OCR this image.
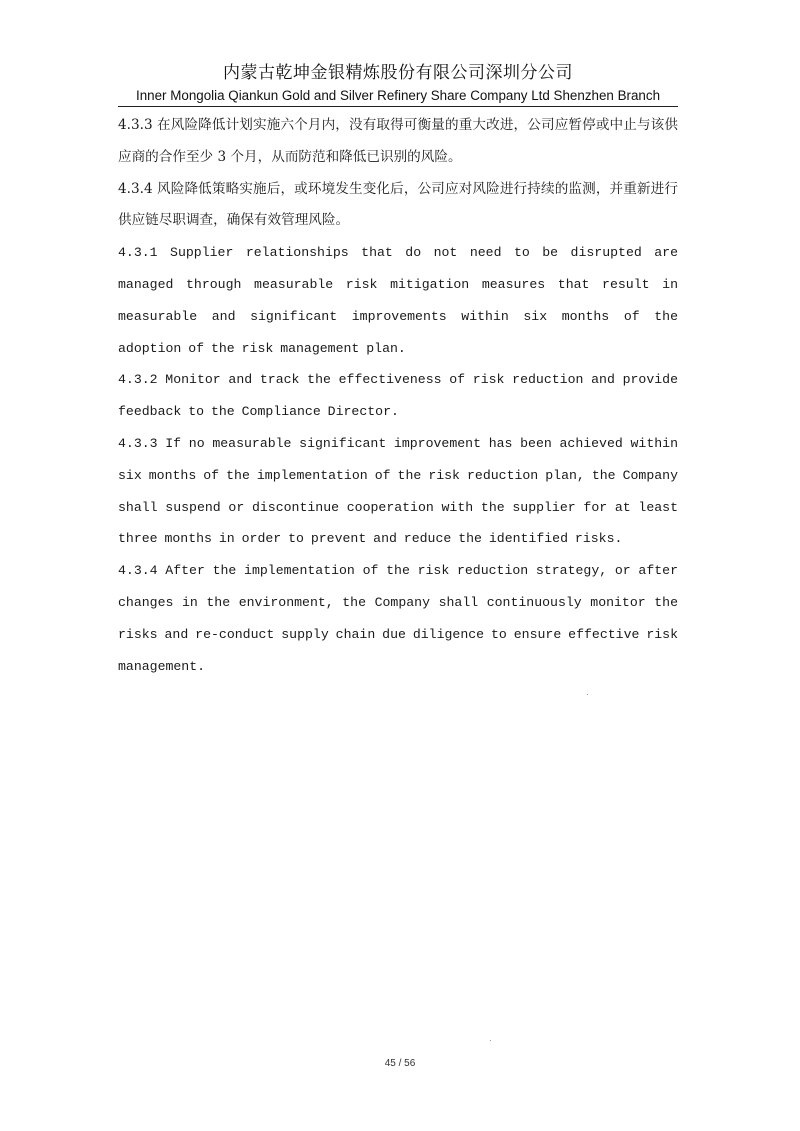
内蒙古乾坤金银精炼股份有限公司深圳分公司
Inner Mongolia Qiankun Gold and Silver Refinery Share Company Ltd Shenzhen Branch

4.3.3 在风险降低计划实施六个月内，没有取得可衡量的重大改进，公司应暂停或中止与该供应商的合作至少 3 个月，从而防范和降低已识别的风险。

4.3.4 风险降低策略实施后，或环境发生变化后，公司应对风险进行持续的监测，并重新进行供应链尽职调查，确保有效管理风险。

4.3.1 Supplier relationships that do not need to be disrupted are managed through measurable risk mitigation measures that result in measurable and significant improvements within six months of the adoption of the risk management plan.

4.3.2 Monitor and track the effectiveness of risk reduction and provide feedback to the Compliance Director.

4.3.3 If no measurable significant improvement has been achieved within six months of the implementation of the risk reduction plan, the Company shall suspend or discontinue cooperation with the supplier for at least three months in order to prevent and reduce the identified risks.

4.3.4 After the implementation of the risk reduction strategy, or after changes in the environment, the Company shall continuously monitor the risks and re-conduct supply chain due diligence to ensure effective risk management.

45 / 56
